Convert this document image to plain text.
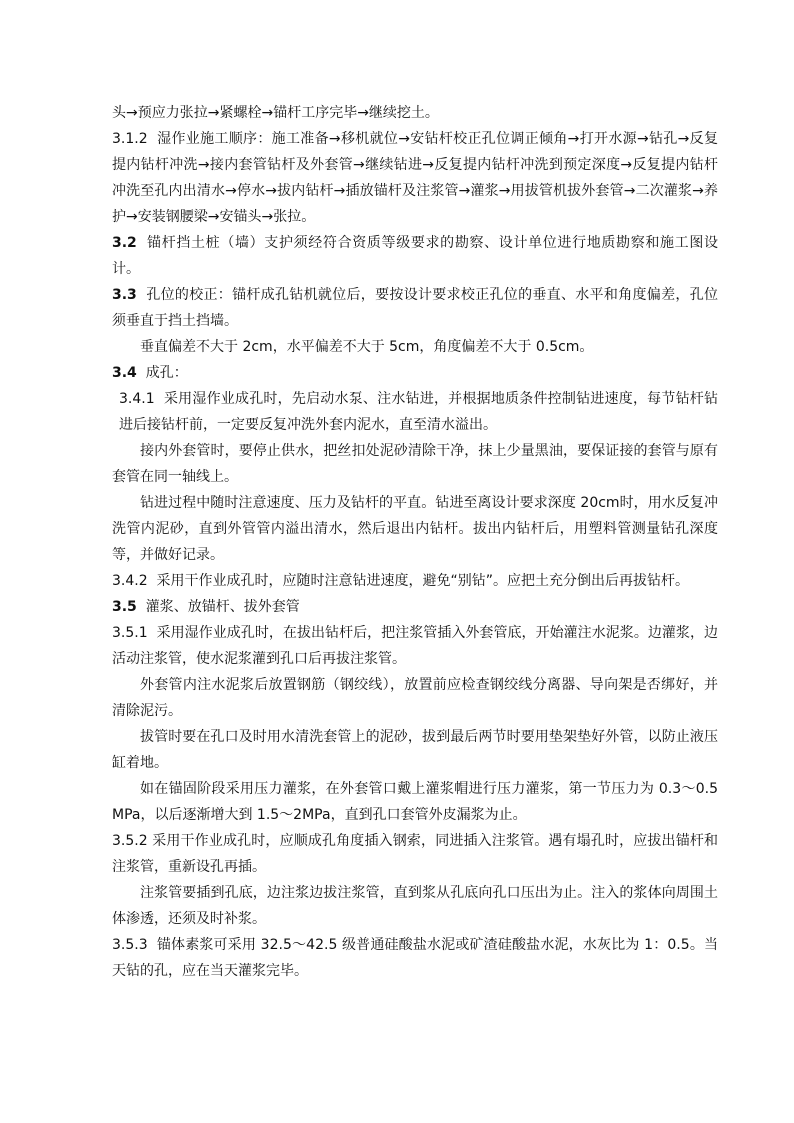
头→预应力张拉→紧螺栓→锚杆工序完毕→继续挖土。

3.1.2 湿作业施工顺序：施工准备→移机就位→安钻杆校正孔位调正倾角→打开水源→钻孔→反复提内钻杆冲洗→接内套管钻杆及外套管→继续钻进→反复提内钻杆冲洗到预定深度→反复提内钻杆冲洗至孔内出清水→停水→拔内钻杆→插放锚杆及注浆管→灌浆→用拔管机拔外套管→二次灌浆→养护→安装钢腰梁→安锚头→张拉。

3.2 锚杆挡土桩（墙）支护须经符合资质等级要求的勘察、设计单位进行地质勘察和施工图设计。

3.3 孔位的校正：锚杆成孔钻机就位后，要按设计要求校正孔位的垂直、水平和角度偏差，孔位须垂直于挡土挡墙。

垂直偏差不大于 2cm，水平偏差不大于 5cm，角度偏差不大于 0.5cm。

3.4 成孔：

3.4.1 采用湿作业成孔时，先启动水泵、注水钻进，并根据地质条件控制钻进速度，每节钻杆钻进后接钻杆前，一定要反复冲洗外套内泥水，直至清水溢出。

接内外套管时，要停止供水，把丝扣处泥砂清除干净，抹上少量黑油，要保证接的套管与原有套管在同一轴线上。

钻进过程中随时注意速度、压力及钻杆的平直。钻进至离设计要求深度 20cm时，用水反复冲洗管内泥砂，直到外管管内溢出清水，然后退出内钻杆。拔出内钻杆后，用塑料管测量钻孔深度等，并做好记录。

3.4.2 采用干作业成孔时，应随时注意钻进速度，避免“别钻”。应把土充分倒出后再拔钻杆。

3.5 灌浆、放锚杆、拔外套管

3.5.1 采用湿作业成孔时，在拔出钻杆后，把注浆管插入外套管底，开始灌注水泥浆。边灌浆，边活动注浆管，使水泥浆灌到孔口后再拔注浆管。

外套管内注水泥浆后放置钢筋（钢绞线），放置前应检查钢绞线分离器、导向架是否绑好，并清除泥污。

拔管时要在孔口及时用水清洗套管上的泥砂，拔到最后两节时要用垫架垫好外管，以防止液压缸着地。

如在锚固阶段采用压力灌浆，在外套管口戴上灌浆帽进行压力灌浆，第一节压力为 0.3～0.5MPa，以后逐渐增大到 1.5～2MPa，直到孔口套管外皮漏浆为止。

3.5.2 采用干作业成孔时，应顺成孔角度插入钢索，同进插入注浆管。遇有塌孔时，应拔出锚杆和注浆管，重新设孔再插。

注浆管要插到孔底，边注浆边拔注浆管，直到浆从孔底向孔口压出为止。注入的浆体向周围土体渗透，还须及时补浆。

3.5.3 锚体素浆可采用 32.5～42.5 级普通硅酸盐水泥或矿渣硅酸盐水泥，水灰比为 1：0.5。当天钻的孔，应在当天灌浆完毕。
